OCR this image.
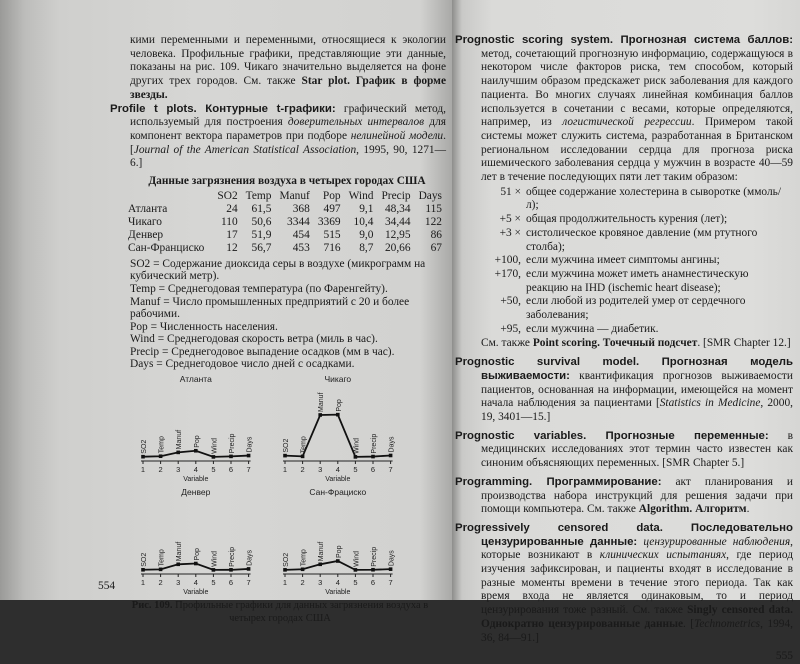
кими переменными и переменными, относящиеся к экологии человека. Профильные графики, представляющие эти данные, показаны на рис. 109. Чикаго значительно выделяется на фоне других трех городов. См. также Star plot. График в форме звезды.
Profile t plots. Контурные t-графики: графический метод, используемый для построения доверительных интервалов для компонент вектора параметров при подборе нелинейной модели. [Journal of the American Statistical Association, 1995, 90, 1271—6.]
Данные загрязнения воздуха в четырех городах США
	SO2	Temp	Manuf	Pop	Wind	Precip	Days
Атланта	24	61,5	368	497	9,1	48,34	115
Чикаго	110	50,6	3344	3369	10,4	34,44	122
Денвер	17	51,9	454	515	9,0	12,95	86
Сан-Франциско	12	56,7	453	716	8,7	20,66	67
SO2 = Содержание диоксида серы в воздухе (микрограмм на кубический метр).
Temp = Среднегодовая температура (по Фаренгейту).
Manuf = Число промышленных предприятий с 20 и более рабочими.
Pop = Численность населения.
Wind = Среднегодовая скорость ветра (миль в час).
Precip = Среднегодовое выпадение осадков (мм в час).
Days = Среднегодовое число дней с осадками.
Атланта
SO2
1
Temp
2
Manuf
3
Pop
4
Wind
5
Precip
6
Days
7
Variable
Чикаго
SO2
1
Temp
2
Manuf
3
Pop
4
Wind
5
Precip
6
Days
7
Variable
Денвер
SO2
1
Temp
2
Manuf
3
Pop
4
Wind
5
Precip
6
Days
7
Variable
Сан-Фрациско
SO2
1
Temp
2
Manuf
3
Pop
4
Wind
5
Precip
6
Days
7
Variable
Рис. 109. Профильные графики для данных загрязнения воздуха в четырех городах США
554
Prognostic scoring system. Прогнозная система баллов: метод, сочетающий прогнозную информацию, содержащуюся в некотором числе факторов риска, тем способом, который наилучшим образом предскажет риск заболевания для каждого пациента. Во многих случаях линейная комбинация баллов используется в сочетании с весами, которые определяются, например, из логистической регрессии. Примером такой системы может служить система, разработанная в Британском региональном исследовании сердца для прогноза риска ишемического заболевания сердца у мужчин в возрасте 40—59 лет в течение последующих пяти лет таким образом:
51 × общее содержание холестерина в сыворотке (ммоль/л);
+5 × общая продолжительность курения (лет);
+3 × систолическое кровяное давление (мм ртутного столба);
+100, если мужчина имеет симптомы ангины;
+170, если мужчина может иметь анамнестическую реакцию на IHD (ischemic heart disease);
+50, если любой из родителей умер от сердечного заболевания;
+95, если мужчина — диабетик.
См. также Point scoring. Точечный подсчет. [SMR Chapter 12.]
Prognostic survival model. Прогнозная модель выживаемости: квантификация прогнозов выживаемости пациентов, основанная на информации, имеющейся на момент начала наблюдения за пациентами [Statistics in Medicine, 2000, 19, 3401—15.]
Prognostic variables. Прогнозные переменные: в медицинских исследованиях этот термин часто известен как синоним объясняющих переменных. [SMR Chapter 5.]
Programming. Программирование: акт планирования и производства набора инструкций для решения задачи при помощи компьютера. См. также Algorithm. Алгоритм.
Progressively censored data. Последовательно цензурированные данные: цензурированные наблюдения, которые возникают в клинических испытаниях, где период изучения зафиксирован, и пациенты входят в исследование в разные моменты времени в течение этого периода. Так как время входа не является одинаковым, то и период цензурирования тоже разный. См. также Singly censored data. Однократно цензурированные данные. [Technometrics, 1994, 36, 84—91.]
555
